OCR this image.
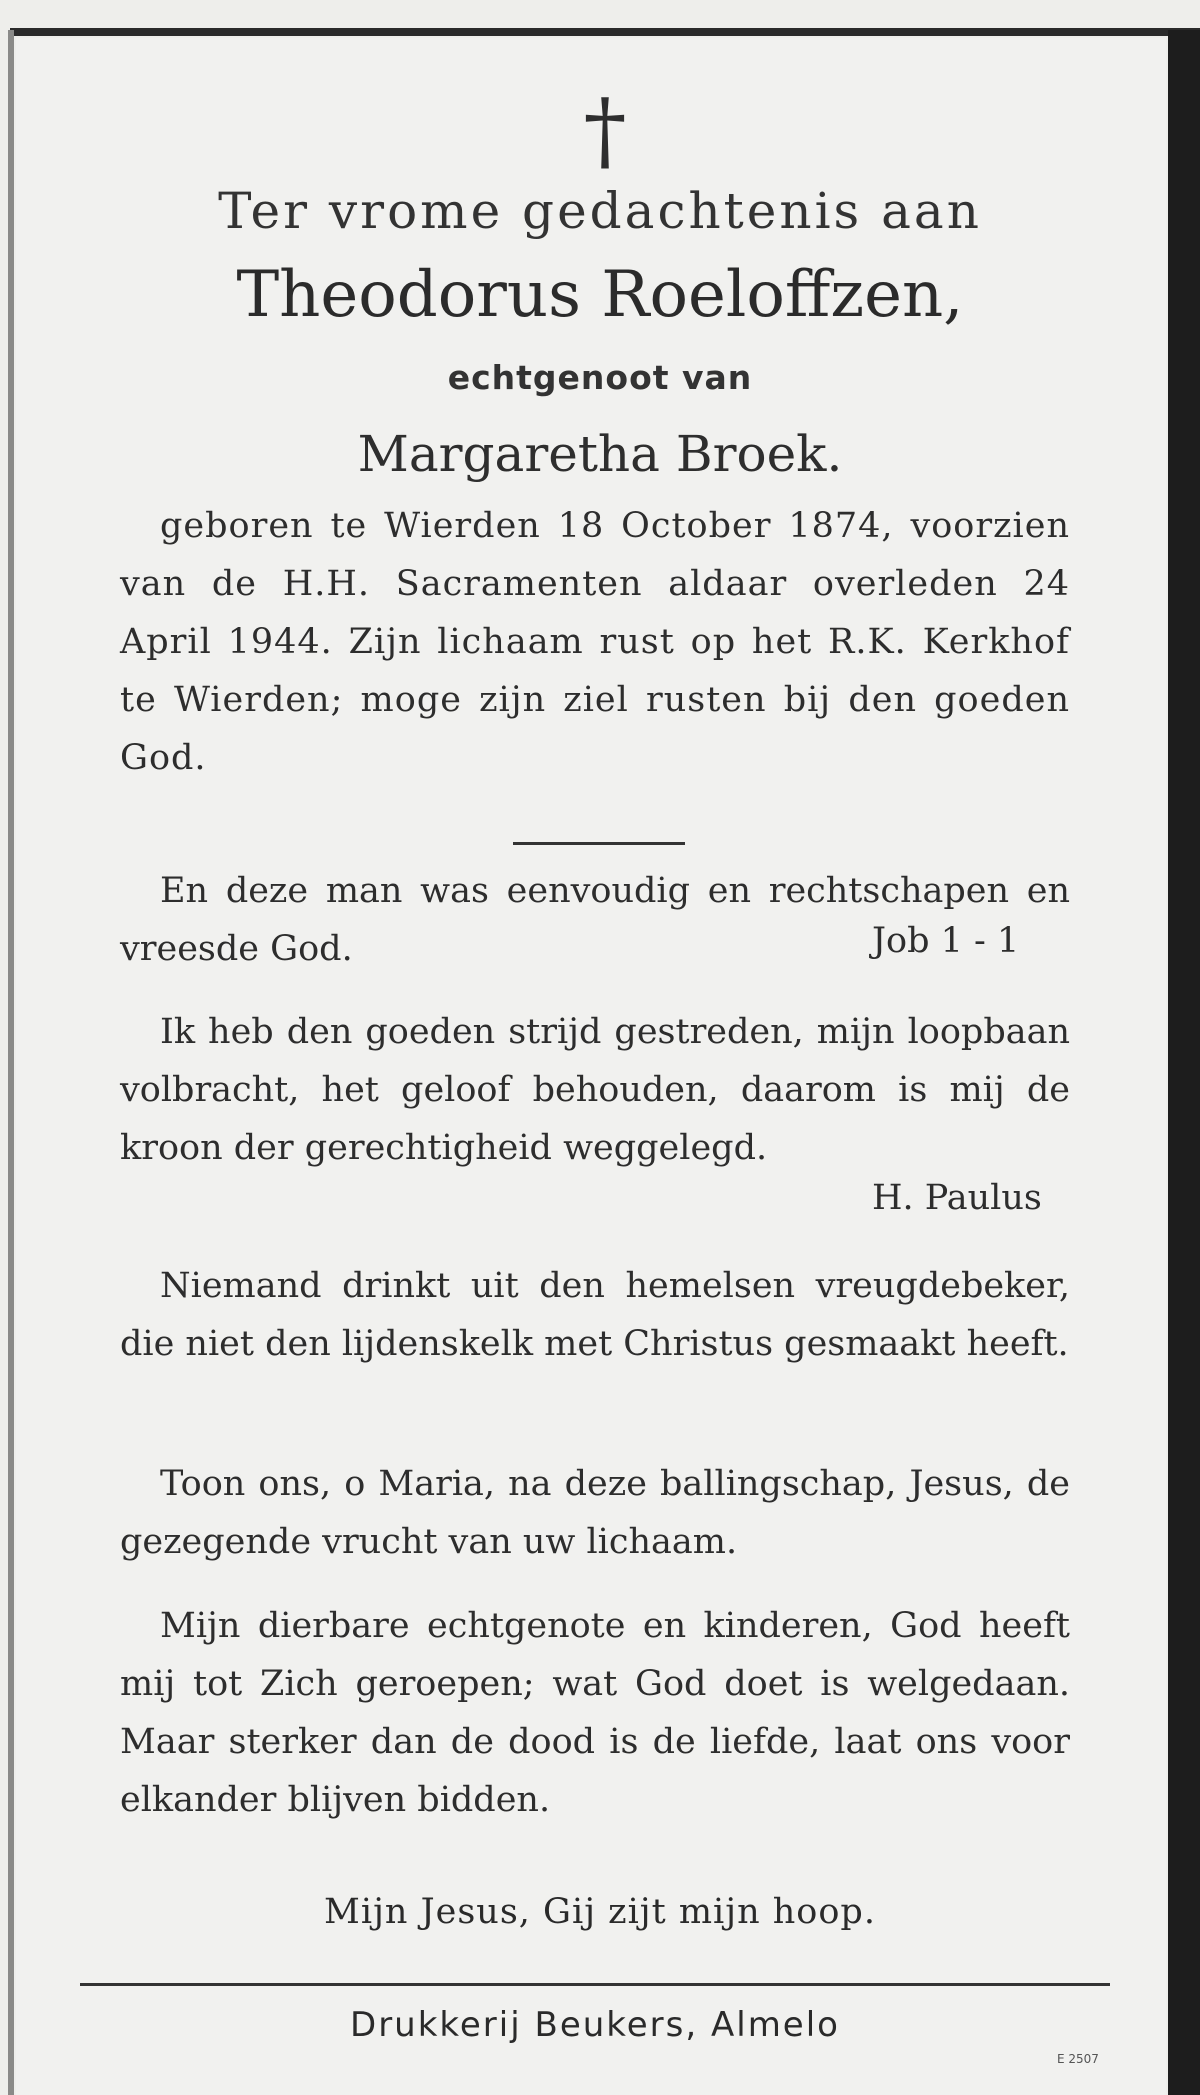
†
Ter vrome gedachtenis aan
Theodorus Roeloffzen,
echtgenoot van
Margaretha Broek.
geboren te Wierden 18 October 1874, voorzien van de H.H. Sacramenten aldaar overleden 24 April 1944. Zijn lichaam rust op het R.K. Kerkhof te Wierden; moge zijn ziel rusten bij den goeden God.
En deze man was eenvoudig en rechtschapen en vreesde God.	Job 1 - 1
Ik heb den goeden strijd gestreden, mijn loopbaan volbracht, het geloof behouden, daarom is mij de kroon der gerechtigheid weggelegd.
H. Paulus
Niemand drinkt uit den hemelsen vreugdebeker, die niet den lijdenskelk met Christus gesmaakt heeft.
Toon ons, o Maria, na deze ballingschap, Jesus, de gezegende vrucht van uw lichaam.
Mijn dierbare echtgenote en kinderen, God heeft mij tot Zich geroepen; wat God doet is welgedaan. Maar sterker dan de dood is de liefde, laat ons voor elkander blijven bidden.
Mijn Jesus, Gij zijt mijn hoop.
Drukkerij Beukers, Almelo
E 2507
